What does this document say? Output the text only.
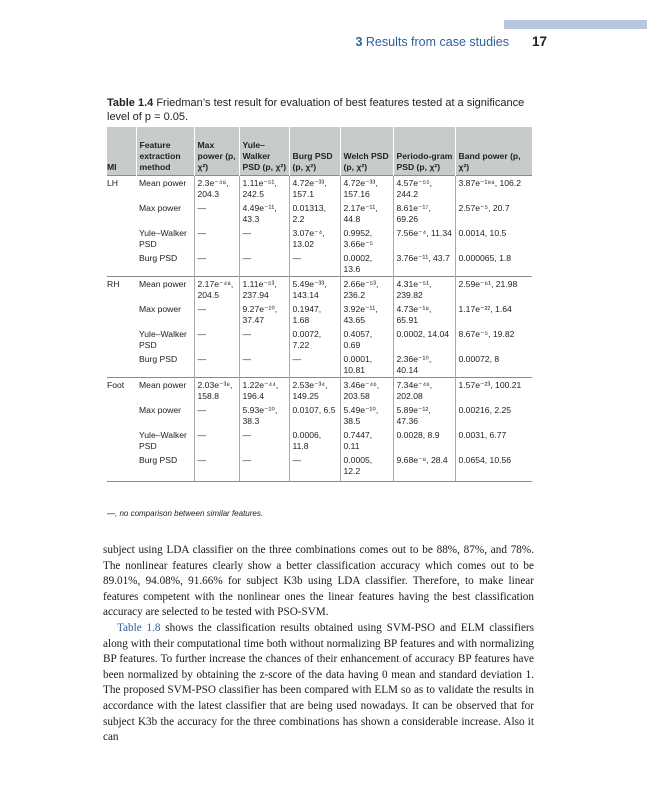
3 Results from case studies 17
Table 1.4 Friedman’s test result for evaluation of best features tested at a significance level of p = 0.05.
MI	Feature extraction method	Max power (p, χ²)	Yule–Walker PSD (p, χ²)	Burg PSD (p, χ²)	Welch PSD (p, χ²)	Periodo-gram PSD (p, χ²)	Band power (p, χ²)
LH	Mean power	2.3e⁻⁴⁸, 204.3	1.11e⁻⁵¹, 242.5	4.72e⁻³³, 157.1	4.72e⁻³³, 157.16	4.57e⁻⁵⁵, 244.2	3.87e⁻¹⁹⁸, 106.2
	Max power	—	4.49e⁻¹¹, 43.3	0.01313, 2.2	2.17e⁻¹¹, 44.8	8.61e⁻¹⁷, 69.26	2.57e⁻⁵, 20.7
	Yule–Walker PSD	—	—	3.07e⁻⁴, 13.02	0.9952, 3.66e⁻⁵	7.56e⁻⁴, 11.34	0.0014, 10.5
	Burg PSD	—	—	—	0.0002, 13.6	3.76e⁻¹¹, 43.7	0.000065, 1.8
RH	Mean power	2.17e⁻⁴⁸, 204.5	1.11e⁻⁵³, 237.94	5.49e⁻³³, 143.14	2.66e⁻⁵³, 236.2	4.31e⁻⁵¹, 239.82	2.59e⁻⁶¹, 21.98
	Max power	—	9.27e⁻¹⁰, 37.47	0.1947, 1.68	3.92e⁻¹¹, 43.65	4.73e⁻¹⁸, 65.91	1.17e⁻²², 1.64
	Yule–Walker PSD	—	—	0.0072, 7.22	0.4057, 0.69	0.0002, 14.04	8.67e⁻⁵, 19.82
	Burg PSD	—	—	—	0.0001, 10.81	2.36e⁻¹⁰, 40.14	0.00072, 8
Foot	Mean power	2.03e⁻³⁸, 158.8	1.22e⁻⁴⁴, 196.4	2.53e⁻³⁴, 149.25	3.46e⁻⁴⁶, 203.58	7.34e⁻⁴⁶, 202.08	1.57e⁻²³, 100.21
	Max power	—	5.93e⁻¹⁰, 38.3	0.0107, 6.5	5.49e⁻¹⁰, 38.5	5.89e⁻¹², 47.36	0.00216, 2.25
	Yule–Walker PSD	—	—	0.0006, 11.8	0.7447, 0.11	0.0028, 8.9	0.0031, 6.77
	Burg PSD	—	—	—	0.0005, 12.2	9.68e⁻⁸, 28.4	0.0654, 10.56
—, no comparison between similar features.

subject using LDA classifier on the three combinations comes out to be 88%, 87%, and 78%. The nonlinear features clearly show a better classification accuracy which comes out to be 89.01%, 94.08%, 91.66% for subject K3b using LDA classifier. Therefore, to make linear features competent with the nonlinear ones the linear features having the best classification accuracy are selected to be tested with PSO-SVM.

Table 1.8 shows the classification results obtained using SVM-PSO and ELM classifiers along with their computational time both without normalizing BP features and with normalizing BP features. To further increase the chances of their enhancement of accuracy BP features have been normalized by obtaining the z-score of the data having 0 mean and standard deviation 1. The proposed SVM-PSO classifier has been compared with ELM so as to validate the results in accordance with the latest classifier that are being used nowadays. It can be observed that for subject K3b the accuracy for the three combinations has shown a considerable increase. Also it can
